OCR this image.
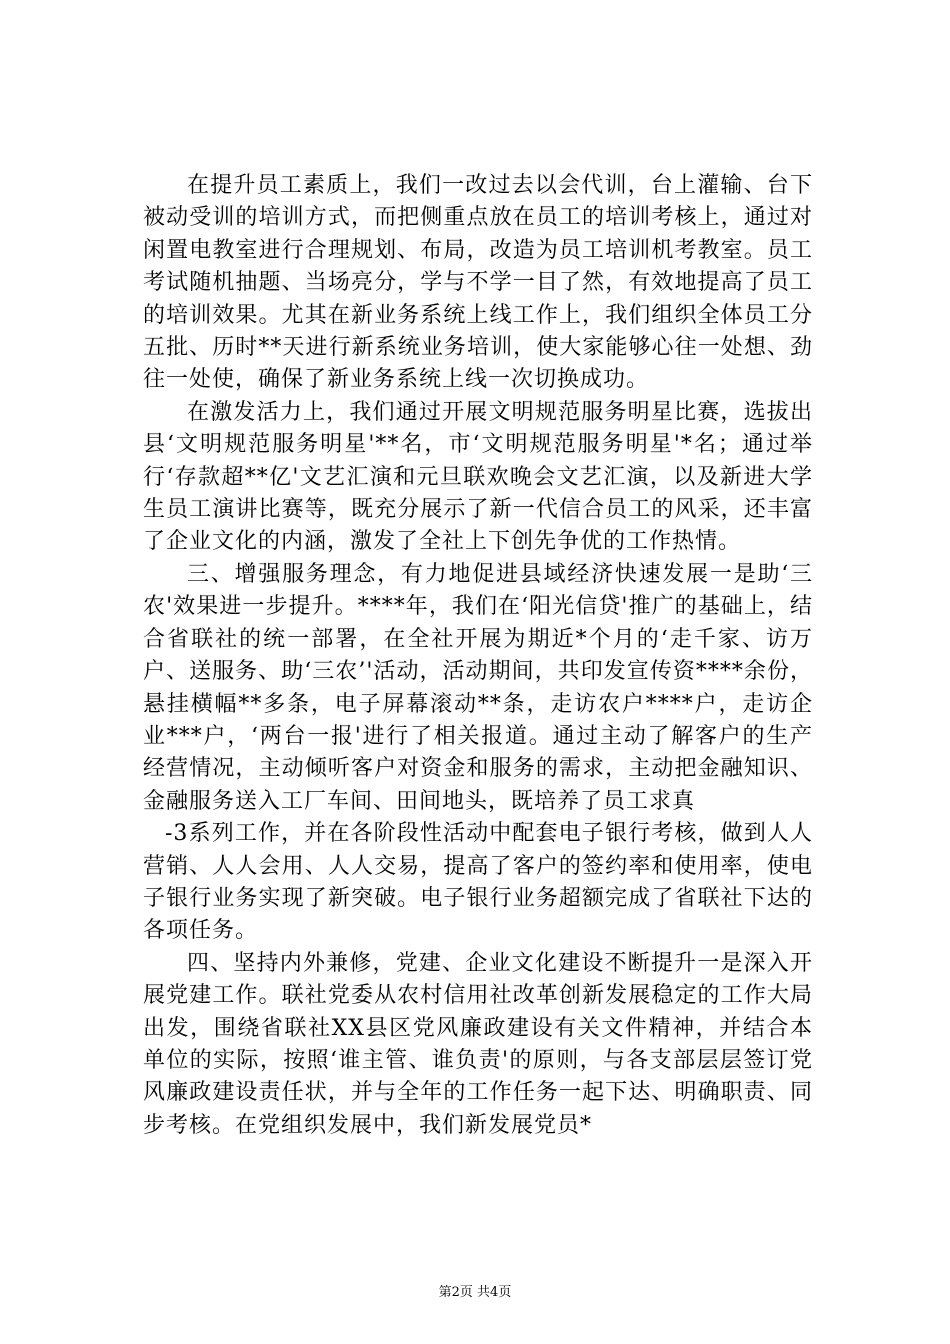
在提升员工素质上，我们一改过去以会代训，台上灌输、台下被动受训的培训方式，而把侧重点放在员工的培训考核上，通过对闲置电教室进行合理规划、布局，改造为员工培训机考教室。员工考试随机抽题、当场亮分，学与不学一目了然，有效地提高了员工的培训效果。尤其在新业务系统上线工作上，我们组织全体员工分五批、历时**天进行新系统业务培训，使大家能够心往一处想、劲往一处使，确保了新业务系统上线一次切换成功。

在激发活力上，我们通过开展文明规范服务明星比赛，选拔出县‘文明规范服务明星'**名，市‘文明规范服务明星'*名；通过举行‘存款超**亿'文艺汇演和元旦联欢晚会文艺汇演，以及新进大学生员工演讲比赛等，既充分展示了新一代信合员工的风采，还丰富了企业文化的内涵，激发了全社上下创先争优的工作热情。

三、增强服务理念，有力地促进县域经济快速发展一是助‘三农'效果进一步提升。****年，我们在‘阳光信贷'推广的基础上，结合省联社的统一部署，在全社开展为期近*个月的‘走千家、访万户、送服务、助‘三农’'活动，活动期间，共印发宣传资****余份，悬挂横幅**多条，电子屏幕滚动**条，走访农户****户，走访企业***户，‘两台一报'进行了相关报道。通过主动了解客户的生产经营情况，主动倾听客户对资金和服务的需求，主动把金融知识、金融服务送入工厂车间、田间地头，既培养了员工求真

-3系列工作，并在各阶段性活动中配套电子银行考核，做到人人营销、人人会用、人人交易，提高了客户的签约率和使用率，使电子银行业务实现了新突破。电子银行业务超额完成了省联社下达的各项任务。

四、坚持内外兼修，党建、企业文化建设不断提升一是深入开展党建工作。联社党委从农村信用社改革创新发展稳定的工作大局出发，围绕省联社XX县区党风廉政建设有关文件精神，并结合本单位的实际，按照‘谁主管、谁负责'的原则，与各支部层层签订党风廉政建设责任状，并与全年的工作任务一起下达、明确职责、同步考核。在党组织发展中，我们新发展党员*

第2页 共4页
